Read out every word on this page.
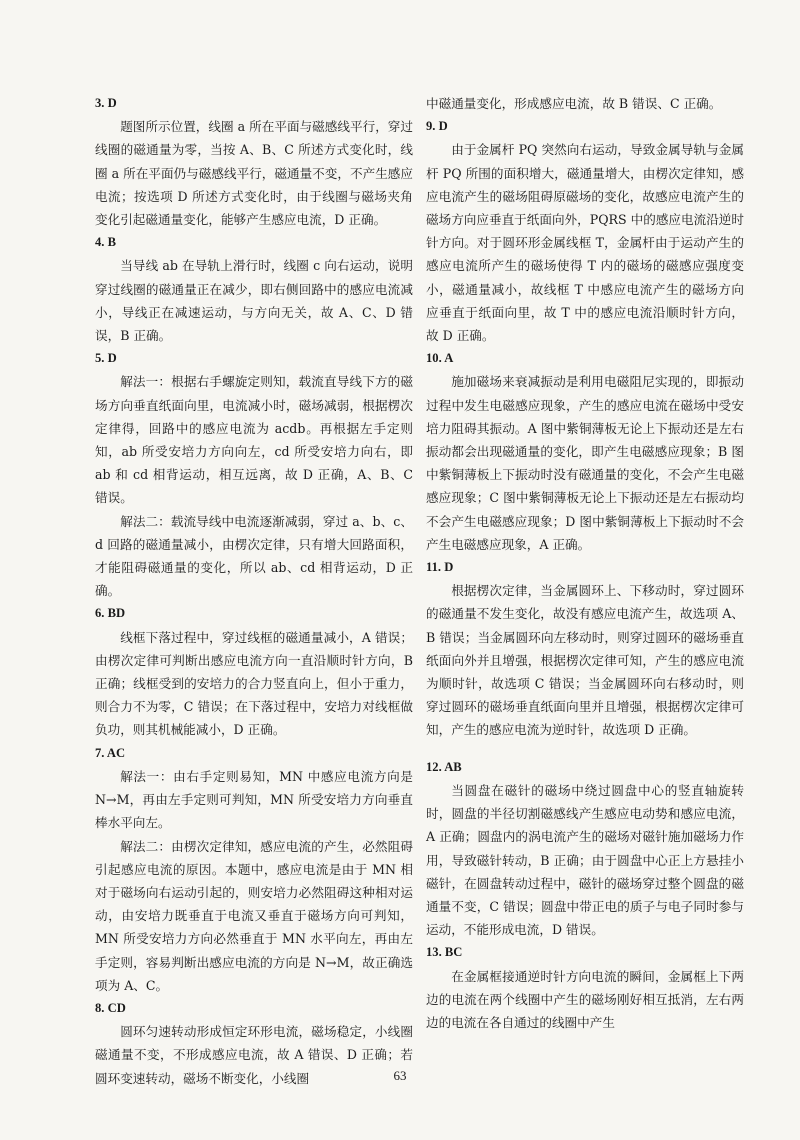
3. D

题图所示位置，线圈 a 所在平面与磁感线平行，穿过线圈的磁通量为零，当按 A、B、C 所述方式变化时，线圈 a 所在平面仍与磁感线平行，磁通量不变，不产生感应电流；按选项 D 所述方式变化时，由于线圈与磁场夹角变化引起磁通量变化，能够产生感应电流，D 正确。

4. B

当导线 ab 在导轨上滑行时，线圈 c 向右运动，说明穿过线圈的磁通量正在减少，即右侧回路中的感应电流减小，导线正在减速运动，与方向无关，故 A、C、D 错误，B 正确。

5. D

解法一：根据右手螺旋定则知，载流直导线下方的磁场方向垂直纸面向里，电流减小时，磁场减弱，根据楞次定律得，回路中的感应电流为 acdb。再根据左手定则知，ab 所受安培力方向向左，cd 所受安培力向右，即 ab 和 cd 相背运动，相互远离，故 D 正确，A、B、C 错误。

解法二：载流导线中电流逐渐减弱，穿过 a、b、c、d 回路的磁通量减小，由楞次定律，只有增大回路面积，才能阻碍磁通量的变化，所以 ab、cd 相背运动，D 正确。

6. BD

线框下落过程中，穿过线框的磁通量减小，A 错误；由楞次定律可判断出感应电流方向一直沿顺时针方向，B 正确；线框受到的安培力的合力竖直向上，但小于重力，则合力不为零，C 错误；在下落过程中，安培力对线框做负功，则其机械能减小，D 正确。

7. AC

解法一：由右手定则易知，MN 中感应电流方向是 N→M，再由左手定则可判知，MN 所受安培力方向垂直棒水平向左。

解法二：由楞次定律知，感应电流的产生，必然阻碍引起感应电流的原因。本题中，感应电流是由于 MN 相对于磁场向右运动引起的，则安培力必然阻碍这种相对运动，由安培力既垂直于电流又垂直于磁场方向可判知，MN 所受安培力方向必然垂直于 MN 水平向左，再由左手定则，容易判断出感应电流的方向是 N→M，故正确选项为 A、C。

8. CD

圆环匀速转动形成恒定环形电流，磁场稳定，小线圈磁通量不变，不形成感应电流，故 A 错误、D 正确；若圆环变速转动，磁场不断变化，小线圈

中磁通量变化，形成感应电流，故 B 错误、C 正确。

9. D

由于金属杆 PQ 突然向右运动，导致金属导轨与金属杆 PQ 所围的面积增大，磁通量增大，由楞次定律知，感应电流产生的磁场阻碍原磁场的变化，故感应电流产生的磁场方向应垂直于纸面向外，PQRS 中的感应电流沿逆时针方向。对于圆环形金属线框 T，金属杆由于运动产生的感应电流所产生的磁场使得 T 内的磁场的磁感应强度变小，磁通量减小，故线框 T 中感应电流产生的磁场方向应垂直于纸面向里，故 T 中的感应电流沿顺时针方向，故 D 正确。

10. A

施加磁场来衰减振动是利用电磁阻尼实现的，即振动过程中发生电磁感应现象，产生的感应电流在磁场中受安培力阻碍其振动。A 图中紫铜薄板无论上下振动还是左右振动都会出现磁通量的变化，即产生电磁感应现象；B 图中紫铜薄板上下振动时没有磁通量的变化，不会产生电磁感应现象；C 图中紫铜薄板无论上下振动还是左右振动均不会产生电磁感应现象；D 图中紫铜薄板上下振动时不会产生电磁感应现象，A 正确。

11. D

根据楞次定律，当金属圆环上、下移动时，穿过圆环的磁通量不发生变化，故没有感应电流产生，故选项 A、B 错误；当金属圆环向左移动时，则穿过圆环的磁场垂直纸面向外并且增强，根据楞次定律可知，产生的感应电流为顺时针，故选项 C 错误；当金属圆环向右移动时，则穿过圆环的磁场垂直纸面向里并且增强，根据楞次定律可知，产生的感应电流为逆时针，故选项 D 正确。

12. AB

当圆盘在磁针的磁场中绕过圆盘中心的竖直轴旋转时，圆盘的半径切割磁感线产生感应电动势和感应电流，A 正确；圆盘内的涡电流产生的磁场对磁针施加磁场力作用，导致磁针转动，B 正确；由于圆盘中心正上方悬挂小磁针，在圆盘转动过程中，磁针的磁场穿过整个圆盘的磁通量不变，C 错误；圆盘中带正电的质子与电子同时参与运动，不能形成电流，D 错误。

13. BC

在金属框接通逆时针方向电流的瞬间，金属框上下两边的电流在两个线圈中产生的磁场刚好相互抵消，左右两边的电流在各自通过的线圈中产生

63
